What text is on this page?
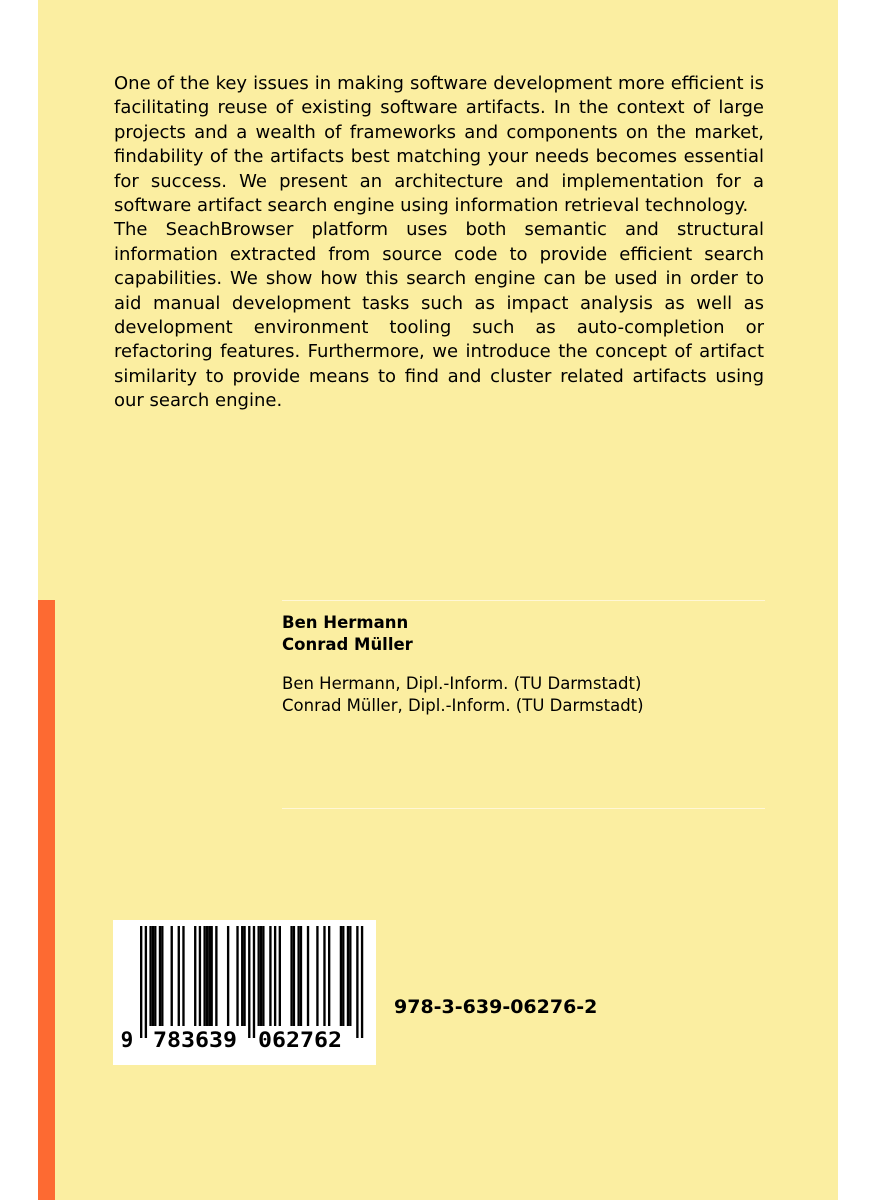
One of the key issues in making software development more efficient is facilitating reuse of existing software artifacts. In the context of large projects and a wealth of frameworks and components on the market, findability of the artifacts best matching your needs becomes essential for success. We present an architecture and implementation for a software artifact search engine using information retrieval technology.

The SeachBrowser platform uses both semantic and structural information extracted from source code to provide efficient search capabilities. We show how this search engine can be used in order to aid manual development tasks such as impact analysis as well as development environment tooling such as auto-completion or refactoring features. Furthermore, we introduce the concept of artifact similarity to provide means to find and cluster related artifacts using our search engine.

Ben Hermann
Conrad Müller
Ben Hermann, Dipl.-Inform. (TU Darmstadt)
Conrad Müller, Dipl.-Inform. (TU Darmstadt)
9 783639 062762
978-3-639-06276-2
